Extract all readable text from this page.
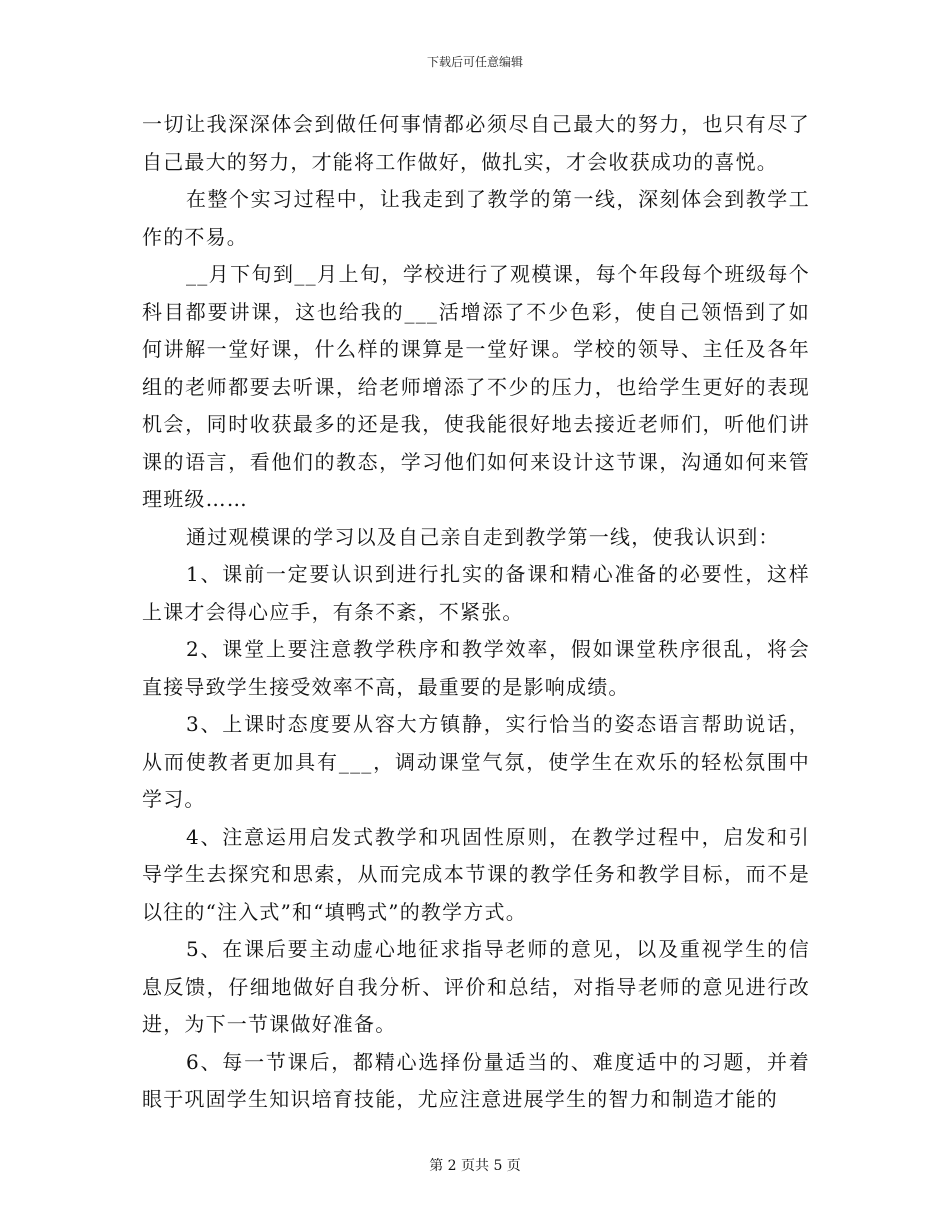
下载后可任意编辑

一切让我深深体会到做任何事情都必须尽自己最大的努力，也只有尽了自己最大的努力，才能将工作做好，做扎实，才会收获成功的喜悦。

在整个实习过程中，让我走到了教学的第一线，深刻体会到教学工作的不易。

__月下旬到__月上旬，学校进行了观模课，每个年段每个班级每个科目都要讲课，这也给我的___活增添了不少色彩，使自己领悟到了如何讲解一堂好课，什么样的课算是一堂好课。学校的领导、主任及各年组的老师都要去听课，给老师增添了不少的压力，也给学生更好的表现机会，同时收获最多的还是我，使我能很好地去接近老师们，听他们讲课的语言，看他们的教态，学习他们如何来设计这节课，沟通如何来管理班级……

通过观模课的学习以及自己亲自走到教学第一线，使我认识到：

1、课前一定要认识到进行扎实的备课和精心准备的必要性，这样上课才会得心应手，有条不紊，不紧张。

2、课堂上要注意教学秩序和教学效率，假如课堂秩序很乱，将会直接导致学生接受效率不高，最重要的是影响成绩。

3、上课时态度要从容大方镇静，实行恰当的姿态语言帮助说话，从而使教者更加具有___，调动课堂气氛，使学生在欢乐的轻松氛围中学习。

4、注意运用启发式教学和巩固性原则，在教学过程中，启发和引导学生去探究和思索，从而完成本节课的教学任务和教学目标，而不是以往的“注入式”和“填鸭式”的教学方式。

5、在课后要主动虚心地征求指导老师的意见，以及重视学生的信息反馈，仔细地做好自我分析、评价和总结，对指导老师的意见进行改进，为下一节课做好准备。

6、每一节课后，都精心选择份量适当的、难度适中的习题，并着眼于巩固学生知识培育技能，尤应注意进展学生的智力和制造才能的

第 2 页共 5 页
